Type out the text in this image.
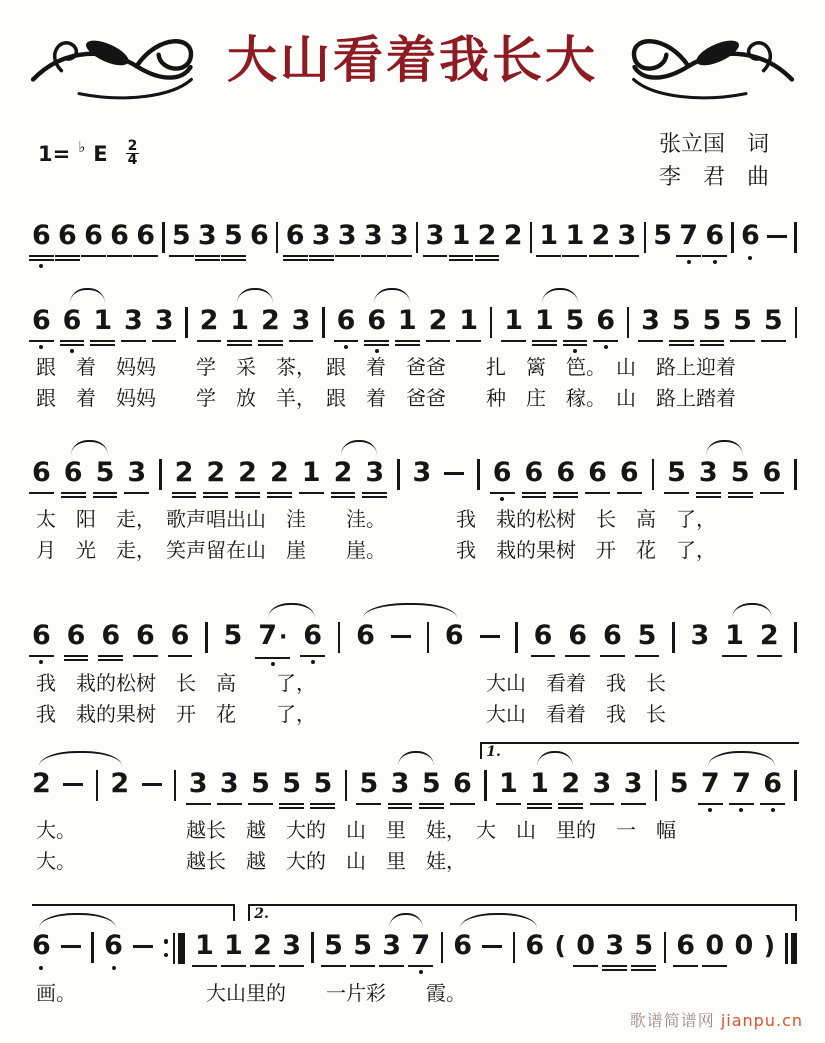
大山看着我长大
1= ♭ E $\frac{2}{4}$	张立国　词
李　君　曲
6 6 6 6 6 5 3 5 6 6 3 3 3 3 3 1 2 2 1 1 2 3 5 7 6 6
6 6 1 3 3 2 1 2 3 6 6 1 2 1 1 1 5 6 3 5 5 5 5
跟　着　妈妈　　学　采　茶，　跟　着　爸爸　　扎　篱　笆。　山　路上迎着
跟　着　妈妈　　学　放　羊，　跟　着　爸爸　　种　庄　稼。　山　路上踏着
6 6 5 3 2 2 2 2 1 2 3 3 6 6 6 6 6 5 3 5 6
太　阳　走，　歌声唱出山　洼　　洼。　　　　我　栽的松树　长　高　了，
月　光　走，　笑声留在山　崖　　崖。　　　　我　栽的果树　开　花　了，
6 6 6 6 6 5 7· 6 6	6	6 6 6 5 3 1 2
我　栽的松树　长　高　　了，　　　　　　　　　大山　看着　我　长
我　栽的果树　开　花　　了，　　　　　　　　　大山　看着　我　长
2 2 3 3 5 5 5 5 3 5 6 1 1 2 3 3 5 7 7 6
1.
大。　　　　　　越长　越　大的　山　里　娃，　大　山　里的　一　幅
大。　　　　　　越长　越　大的　山　里　娃，
6 6	1 1 2 3 5 5 3 7 6 6 ( 0 3 5 6 0 0 )
2.
画。　　　　　　　大山里的　　一片彩　　霞。
歌谱简谱网 jianpu.cn
